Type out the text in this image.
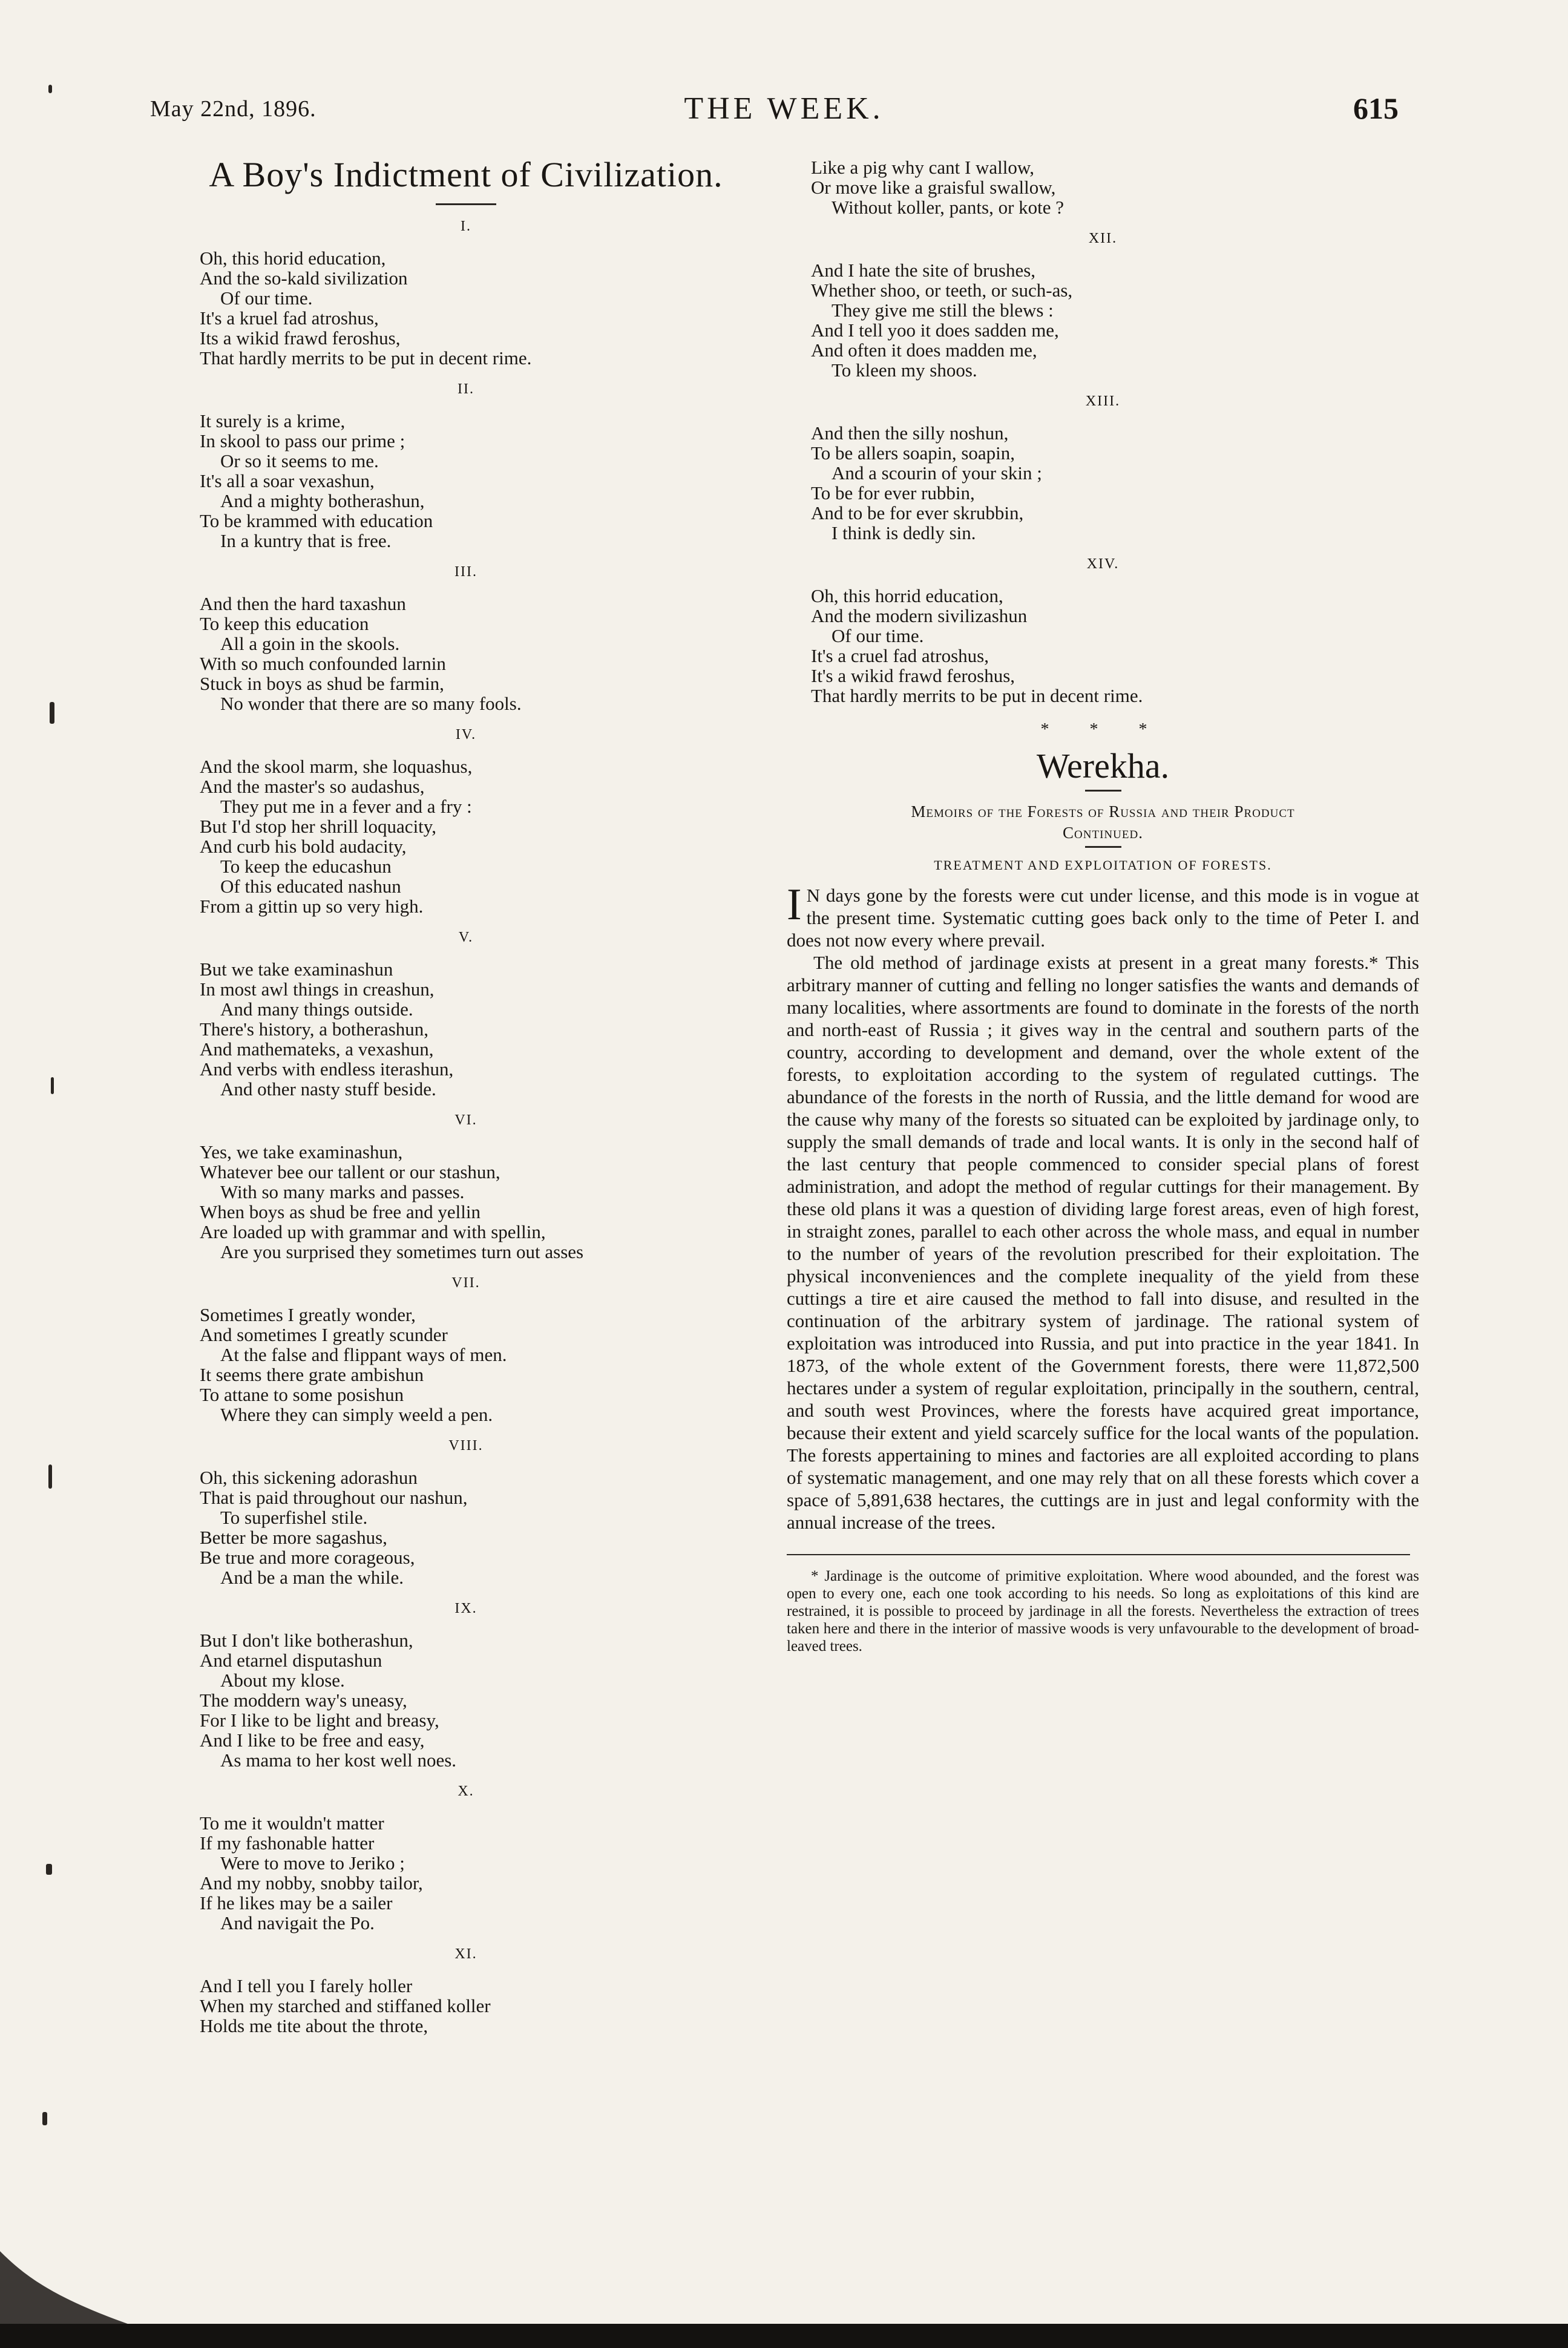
May 22nd, 1896.	THE WEEK.	615
A Boy's Indictment of Civilization.
I.
Oh, this horid education,
And the so-kald sivilization
Of our time.
It's a kruel fad atroshus,
Its a wikid frawd feroshus,
That hardly merrits to be put in decent rime.
II.
It surely is a krime,
In skool to pass our prime ;
Or so it seems to me.
It's all a soar vexashun,
And a mighty botherashun,
To be krammed with education
In a kuntry that is free.
III.
And then the hard taxashun
To keep this education
All a goin in the skools.
With so much confounded larnin
Stuck in boys as shud be farmin,
No wonder that there are so many fools.
IV.
And the skool marm, she loquashus,
And the master's so audashus,
They put me in a fever and a fry :
But I'd stop her shrill loquacity,
And curb his bold audacity,
To keep the educashun
Of this educated nashun
From a gittin up so very high.
V.
But we take examinashun
In most awl things in creashun,
And many things outside.
There's history, a botherashun,
And mathemateks, a vexashun,
And verbs with endless iterashun,
And other nasty stuff beside.
VI.
Yes, we take examinashun,
Whatever bee our tallent or our stashun,
With so many marks and passes.
When boys as shud be free and yellin
Are loaded up with grammar and with spellin,
Are you surprised they sometimes turn out asses
VII.
Sometimes I greatly wonder,
And sometimes I greatly scunder
At the false and flippant ways of men.
It seems there grate ambishun
To attane to some posishun
Where they can simply weeld a pen.
VIII.
Oh, this sickening adorashun
That is paid throughout our nashun,
To superfishel stile.
Better be more sagashus,
Be true and more corageous,
And be a man the while.
IX.
But I don't like botherashun,
And etarnel disputashun
About my klose.
The moddern way's uneasy,
For I like to be light and breasy,
And I like to be free and easy,
As mama to her kost well noes.
X.
To me it wouldn't matter
If my fashonable hatter
Were to move to Jeriko ;
And my nobby, snobby tailor,
If he likes may be a sailer
And navigait the Po.
XI.
And I tell you I farely holler
When my starched and stiffaned koller
Holds me tite about the throte,
Like a pig why cant I wallow,
Or move like a graisful swallow,
Without koller, pants, or kote ?
XII.
And I hate the site of brushes,
Whether shoo, or teeth, or such-as,
They give me still the blews :
And I tell yoo it does sadden me,
And often it does madden me,
To kleen my shoos.
XIII.
And then the silly noshun,
To be allers soapin, soapin,
And a scourin of your skin ;
To be for ever rubbin,
And to be for ever skrubbin,
I think is dedly sin.
XIV.
Oh, this horrid education,
And the modern sivilizashun
Of our time.
It's a cruel fad atroshus,
It's a wikid frawd feroshus,
That hardly merrits to be put in decent rime.
* * *
Werekha.
Memoirs of the Forests of Russia and their Product
Continued.
TREATMENT AND EXPLOITATION OF FORESTS.

I N days gone by the forests were cut under license, and this mode is in vogue at the present time. Systematic cutting goes back only to the time of Peter I. and does not now every where prevail.

The old method of jardinage exists at present in a great many forests.* This arbitrary manner of cutting and felling no longer satisfies the wants and demands of many localities, where assortments are found to dominate in the forests of the north and north-east of Russia ; it gives way in the central and southern parts of the country, according to development and demand, over the whole extent of the forests, to exploitation according to the system of regulated cuttings. The abundance of the forests in the north of Russia, and the little demand for wood are the cause why many of the forests so situated can be exploited by jardinage only, to supply the small demands of trade and local wants. It is only in the second half of the last century that people commenced to consider special plans of forest administration, and adopt the method of regular cuttings for their management. By these old plans it was a question of dividing large forest areas, even of high forest, in straight zones, parallel to each other across the whole mass, and equal in number to the number of years of the revolution prescribed for their exploitation. The physical inconveniences and the complete inequality of the yield from these cuttings a tire et aire caused the method to fall into disuse, and resulted in the continuation of the arbitrary system of jardinage. The rational system of exploitation was introduced into Russia, and put into practice in the year 1841. In 1873, of the whole extent of the Government forests, there were 11,872,500 hectares under a system of regular exploitation, principally in the southern, central, and south west Provinces, where the forests have acquired great importance, because their extent and yield scarcely suffice for the local wants of the population. The forests appertaining to mines and factories are all exploited according to plans of systematic management, and one may rely that on all these forests which cover a space of 5,891,638 hectares, the cuttings are in just and legal conformity with the annual increase of the trees.

* Jardinage is the outcome of primitive exploitation. Where wood abounded, and the forest was open to every one, each one took according to his needs. So long as exploitations of this kind are restrained, it is possible to proceed by jardinage in all the forests. Nevertheless the extraction of trees taken here and there in the interior of massive woods is very unfavourable to the development of broad-leaved trees.
